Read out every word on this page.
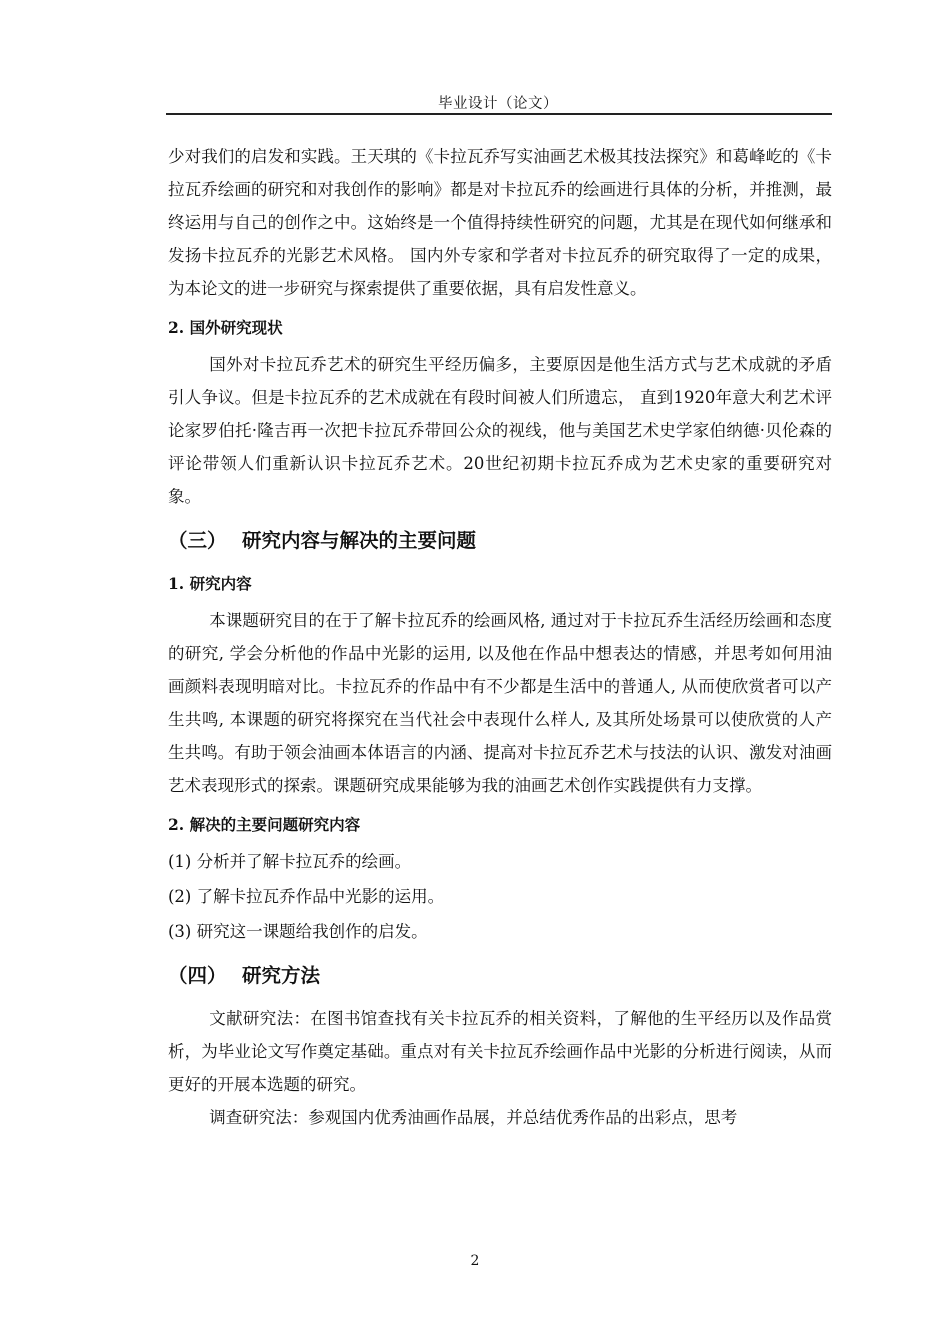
毕业设计（论文）

少对我们的启发和实践。王天琪的《卡拉瓦乔写实油画艺术极其技法探究》和葛峰屹的《卡拉瓦乔绘画的研究和对我创作的影响》都是对卡拉瓦乔的绘画进行具体的分析，并推测，最终运用与自己的创作之中。这始终是一个值得持续性研究的问题，尤其是在现代如何继承和发扬卡拉瓦乔的光影艺术风格。 国内外专家和学者对卡拉瓦乔的研究取得了一定的成果，为本论文的进一步研究与探索提供了重要依据，具有启发性意义。

2. 国外研究现状

国外对卡拉瓦乔艺术的研究生平经历偏多，主要原因是他生活方式与艺术成就的矛盾引人争议。但是卡拉瓦乔的艺术成就在有段时间被人们所遗忘， 直到1920年意大利艺术评论家罗伯托·隆吉再一次把卡拉瓦乔带回公众的视线，他与美国艺术史学家伯纳德·贝伦森的评论带领人们重新认识卡拉瓦乔艺术。20世纪初期卡拉瓦乔成为艺术史家的重要研究对象。

（三） 研究内容与解决的主要问题

1. 研究内容

本课题研究目的在于了解卡拉瓦乔的绘画风格, 通过对于卡拉瓦乔生活经历绘画和态度的研究, 学会分析他的作品中光影的运用, 以及他在作品中想表达的情感，并思考如何用油画颜料表现明暗对比。卡拉瓦乔的作品中有不少都是生活中的普通人, 从而使欣赏者可以产生共鸣, 本课题的研究将探究在当代社会中表现什么样人, 及其所处场景可以使欣赏的人产生共鸣。有助于领会油画本体语言的内涵、提高对卡拉瓦乔艺术与技法的认识、激发对油画艺术表现形式的探索。课题研究成果能够为我的油画艺术创作实践提供有力支撑。

2. 解决的主要问题研究内容

(1) 分析并了解卡拉瓦乔的绘画。

(2) 了解卡拉瓦乔作品中光影的运用。

(3) 研究这一课题给我创作的启发。

（四） 研究方法

文献研究法：在图书馆查找有关卡拉瓦乔的相关资料，了解他的生平经历以及作品赏析，为毕业论文写作奠定基础。重点对有关卡拉瓦乔绘画作品中光影的分析进行阅读，从而更好的开展本选题的研究。

调查研究法：参观国内优秀油画作品展，并总结优秀作品的出彩点，思考

2
